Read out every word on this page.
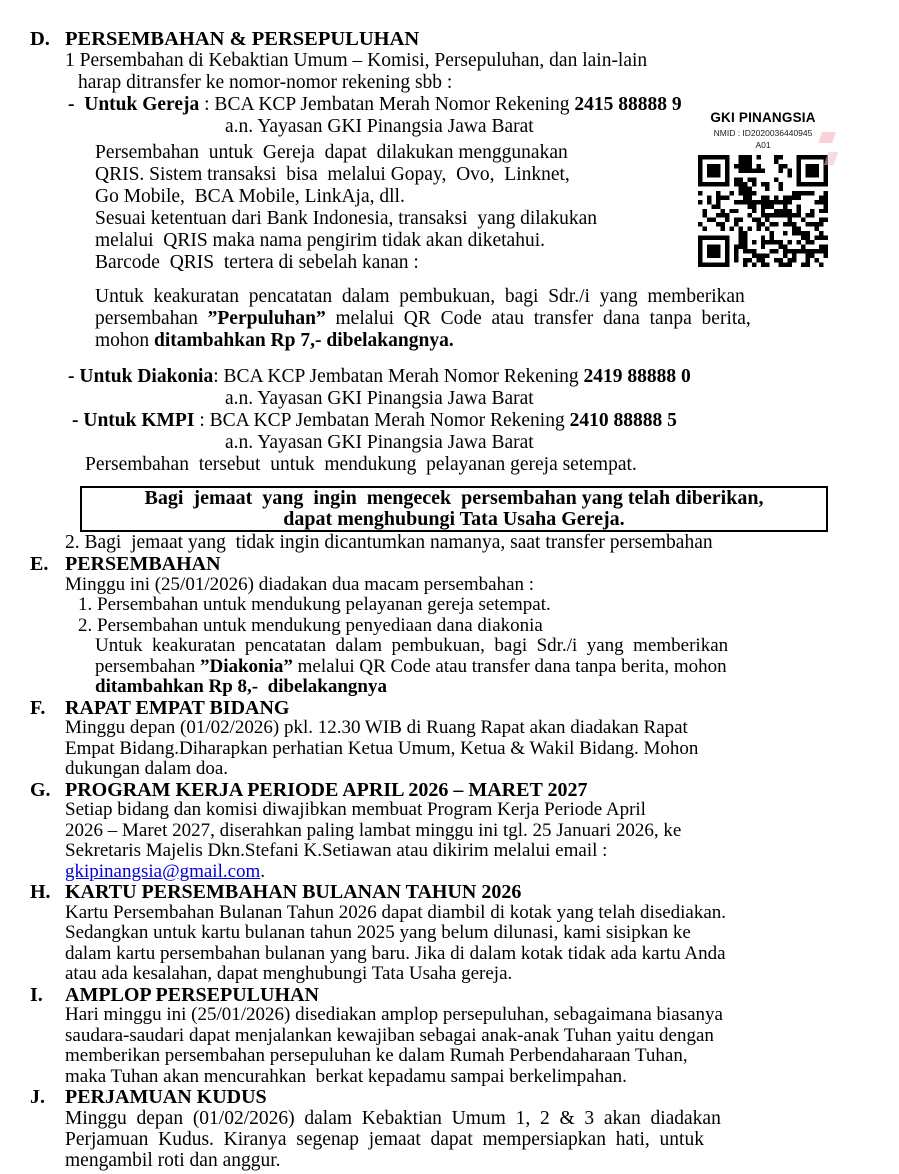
D. PERSEMBAHAN & PERSEPULUHAN
1 Persembahan di Kebaktian Umum – Komisi, Persepuluhan, dan lain-lain
harap ditransfer ke nomor-nomor rekening sbb :
-  Untuk Gereja : BCA KCP Jembatan Merah Nomor Rekening 2415 88888 9
a.n. Yayasan GKI Pinangsia Jawa Barat
Persembahan  untuk  Gereja  dapat  dilakukan menggunakan
QRIS. Sistem transaksi  bisa  melalui Gopay,  Ovo,  Linknet,
Go Mobile,  BCA Mobile, LinkAja, dll.
Sesuai ketentuan dari Bank Indonesia, transaksi  yang dilakukan
melalui  QRIS maka nama pengirim tidak akan diketahui.
Barcode  QRIS  tertera di sebelah kanan :
Untuk  keakuratan  pencatatan  dalam  pembukuan,  bagi  Sdr./i  yang  memberikan
persembahan  ”Perpuluhan”  melalui  QR  Code  atau  transfer  dana  tanpa  berita,
mohon ditambahkan Rp 7,- dibelakangnya.
- Untuk Diakonia: BCA KCP Jembatan Merah Nomor Rekening 2419 88888 0
a.n. Yayasan GKI Pinangsia Jawa Barat
- Untuk KMPI : BCA KCP Jembatan Merah Nomor Rekening 2410 88888 5
a.n. Yayasan GKI Pinangsia Jawa Barat
Persembahan  tersebut  untuk  mendukung  pelayanan gereja setempat.
Bagi  jemaat  yang  ingin  mengecek  persembahan yang telah diberikan,
dapat menghubungi Tata Usaha Gereja.
2. Bagi  jemaat yang  tidak ingin dicantumkan namanya, saat transfer persembahan
E. PERSEMBAHAN
Minggu ini (25/01/2026) diadakan dua macam persembahan :
1. Persembahan untuk mendukung pelayanan gereja setempat.
2. Persembahan untuk mendukung penyediaan dana diakonia
Untuk  keakuratan  pencatatan  dalam  pembukuan,  bagi  Sdr./i  yang  memberikan
persembahan ”Diakonia” melalui QR Code atau transfer dana tanpa berita, mohon
ditambahkan Rp 8,-  dibelakangnya
F. RAPAT EMPAT BIDANG
Minggu depan (01/02/2026) pkl. 12.30 WIB di Ruang Rapat akan diadakan Rapat
Empat Bidang.Diharapkan perhatian Ketua Umum, Ketua & Wakil Bidang. Mohon
dukungan dalam doa.
G. PROGRAM KERJA PERIODE APRIL 2026 – MARET 2027
Setiap bidang dan komisi diwajibkan membuat Program Kerja Periode April
2026 – Maret 2027, diserahkan paling lambat minggu ini tgl. 25 Januari 2026, ke
Sekretaris Majelis Dkn.Stefani K.Setiawan atau dikirim melalui email :
gkipinangsia@gmail.com.
H. KARTU PERSEMBAHAN BULANAN TAHUN 2026
Kartu Persembahan Bulanan Tahun 2026 dapat diambil di kotak yang telah disediakan.
Sedangkan untuk kartu bulanan tahun 2025 yang belum dilunasi, kami sisipkan ke
dalam kartu persembahan bulanan yang baru. Jika di dalam kotak tidak ada kartu Anda
atau ada kesalahan, dapat menghubungi Tata Usaha gereja.
I. AMPLOP PERSEPULUHAN
Hari minggu ini (25/01/2026) disediakan amplop persepuluhan, sebagaimana biasanya
saudara-saudari dapat menjalankan kewajiban sebagai anak-anak Tuhan yaitu dengan
memberikan persembahan persepuluhan ke dalam Rumah Perbendaharaan Tuhan,
maka Tuhan akan mencurahkan  berkat kepadamu sampai berkelimpahan.
J. PERJAMUAN KUDUS
Minggu  depan  (01/02/2026)  dalam  Kebaktian  Umum  1,  2  &  3  akan  diadakan
Perjamuan  Kudus.  Kiranya  segenap  jemaat  dapat  mempersiapkan  hati,  untuk
mengambil roti dan anggur.
GKI PINANGSIA
NMID : ID2020036440945
A01
